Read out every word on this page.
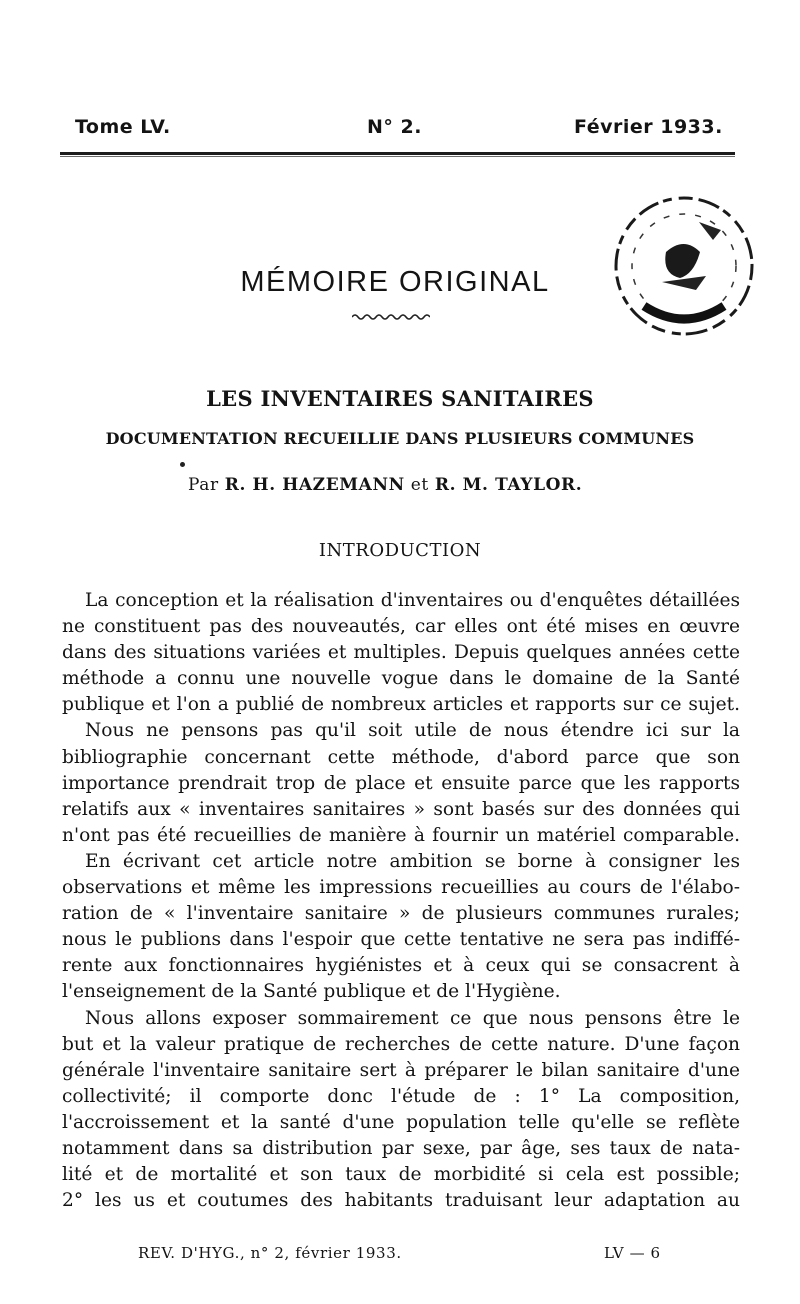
Tome LV.	N° 2.	Février 1933.
MÉMOIRE ORIGINAL
LES INVENTAIRES SANITAIRES
DOCUMENTATION RECUEILLIE DANS PLUSIEURS COMMUNES
Par R. H. HAZEMANN et R. M. TAYLOR.
INTRODUCTION
La conception et la réalisation d'inventaires ou d'enquêtes détaillées
ne constituent pas des nouveautés, car elles ont été mises en œuvre
dans des situations variées et multiples. Depuis quelques années cette
méthode a connu une nouvelle vogue dans le domaine de la Santé
publique et l'on a publié de nombreux articles et rapports sur ce sujet.
Nous ne pensons pas qu'il soit utile de nous étendre ici sur la
bibliographie concernant cette méthode, d'abord parce que son
importance prendrait trop de place et ensuite parce que les rapports
relatifs aux « inventaires sanitaires » sont basés sur des données qui
n'ont pas été recueillies de manière à fournir un matériel comparable.
En écrivant cet article notre ambition se borne à consigner les
observations et même les impressions recueillies au cours de l'élabo-
ration de « l'inventaire sanitaire » de plusieurs communes rurales;
nous le publions dans l'espoir que cette tentative ne sera pas indiffé-
rente aux fonctionnaires hygiénistes et à ceux qui se consacrent à
l'enseignement de la Santé publique et de l'Hygiène.
Nous allons exposer sommairement ce que nous pensons être le
but et la valeur pratique de recherches de cette nature. D'une façon
générale l'inventaire sanitaire sert à préparer le bilan sanitaire d'une
collectivité; il comporte donc l'étude de : 1° La composition,
l'accroissement et la santé d'une population telle qu'elle se reflète
notamment dans sa distribution par sexe, par âge, ses taux de nata-
lité et de mortalité et son taux de morbidité si cela est possible;
2° les us et coutumes des habitants traduisant leur adaptation au
REV. D'HYG., n° 2, février 1933.	LV — 6
